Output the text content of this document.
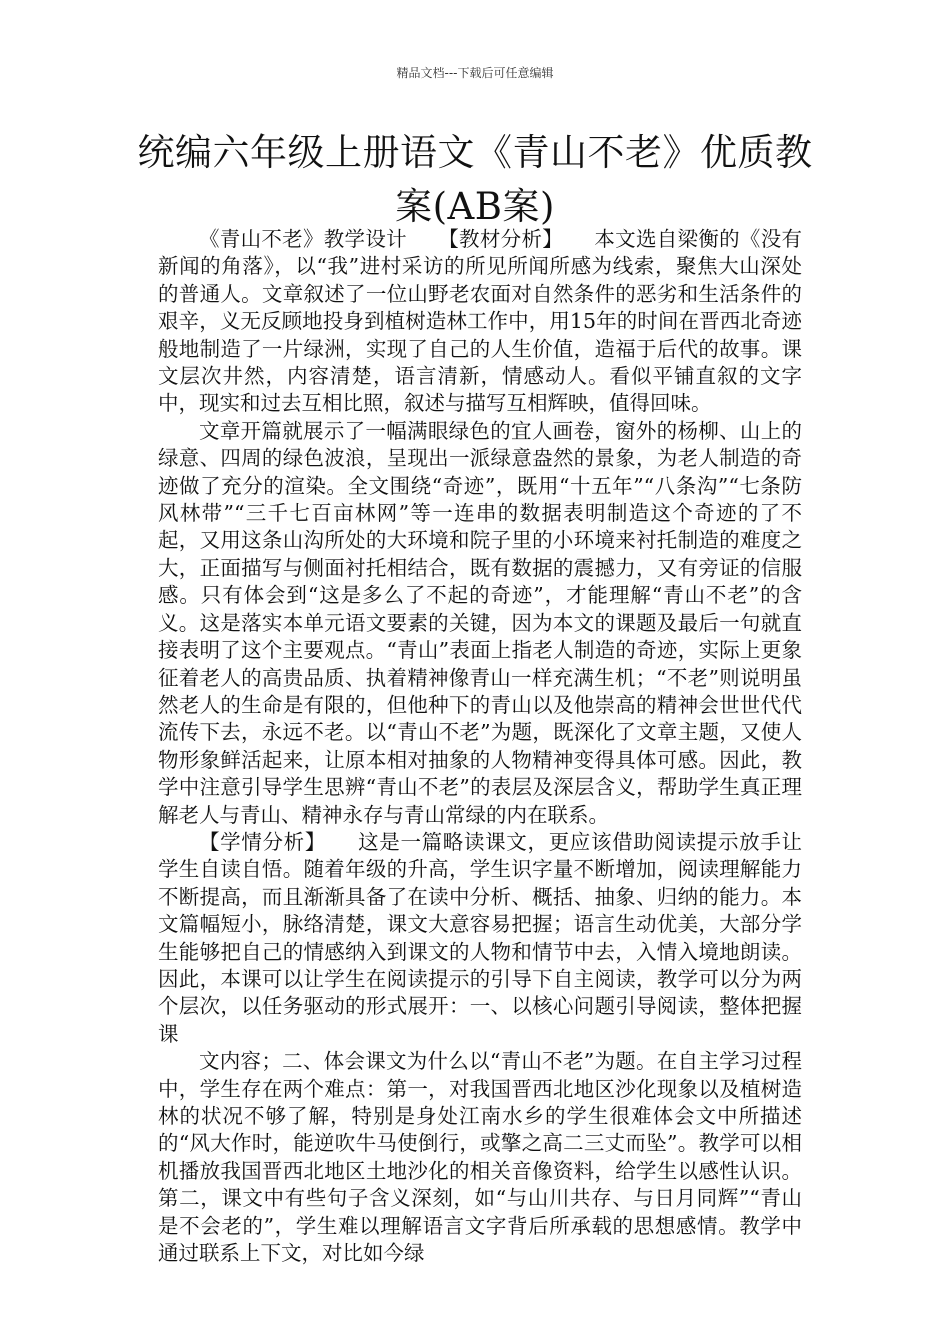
精品文档---下载后可任意编辑
统编六年级上册语文《青山不老》优质教案(AB案)

《青山不老》教学设计　　【教材分析】　　本文选自梁衡的《没有新闻的角落》，以“我”进村采访的所见所闻所感为线索，聚焦大山深处的普通人。文章叙述了一位山野老农面对自然条件的恶劣和生活条件的艰辛，义无反顾地投身到植树造林工作中，用15年的时间在晋西北奇迹般地制造了一片绿洲，实现了自己的人生价值，造福于后代的故事。课文层次井然，内容清楚，语言清新，情感动人。看似平铺直叙的文字中，现实和过去互相比照，叙述与描写互相辉映，值得回味。

文章开篇就展示了一幅满眼绿色的宜人画卷，窗外的杨柳、山上的绿意、四周的绿色波浪，呈现出一派绿意盎然的景象，为老人制造的奇迹做了充分的渲染。全文围绕“奇迹”，既用“十五年”“八条沟”“七条防风林带”“三千七百亩林网”等一连串的数据表明制造这个奇迹的了不起，又用这条山沟所处的大环境和院子里的小环境来衬托制造的难度之大，正面描写与侧面衬托相结合，既有数据的震撼力，又有旁证的信服感。只有体会到“这是多么了不起的奇迹”，才能理解“青山不老”的含义。这是落实本单元语文要素的关键，因为本文的课题及最后一句就直接表明了这个主要观点。“青山”表面上指老人制造的奇迹，实际上更象征着老人的高贵品质、执着精神像青山一样充满生机；“不老”则说明虽然老人的生命是有限的，但他种下的青山以及他崇高的精神会世世代代流传下去，永远不老。以“青山不老”为题，既深化了文章主题，又使人物形象鲜活起来，让原本相对抽象的人物精神变得具体可感。因此，教学中注意引导学生思辨“青山不老”的表层及深层含义，帮助学生真正理解老人与青山、精神永存与青山常绿的内在联系。

【学情分析】　　这是一篇略读课文，更应该借助阅读提示放手让学生自读自悟。随着年级的升高，学生识字量不断增加，阅读理解能力不断提高，而且渐渐具备了在读中分析、概括、抽象、归纳的能力。本文篇幅短小，脉络清楚，课文大意容易把握；语言生动优美，大部分学生能够把自己的情感纳入到课文的人物和情节中去，入情入境地朗读。因此，本课可以让学生在阅读提示的引导下自主阅读，教学可以分为两个层次，以任务驱动的形式展开：一、以核心问题引导阅读，整体把握课

文内容；二、体会课文为什么以“青山不老”为题。在自主学习过程中，学生存在两个难点：第一，对我国晋西北地区沙化现象以及植树造林的状况不够了解，特别是身处江南水乡的学生很难体会文中所描述的“风大作时，能逆吹牛马使倒行，或擎之高二三丈而坠”。教学可以相机播放我国晋西北地区土地沙化的相关音像资料，给学生以感性认识。第二，课文中有些句子含义深刻，如“与山川共存、与日月同辉”“青山是不会老的”，学生难以理解语言文字背后所承载的思想感情。教学中通过联系上下文，对比如今绿
